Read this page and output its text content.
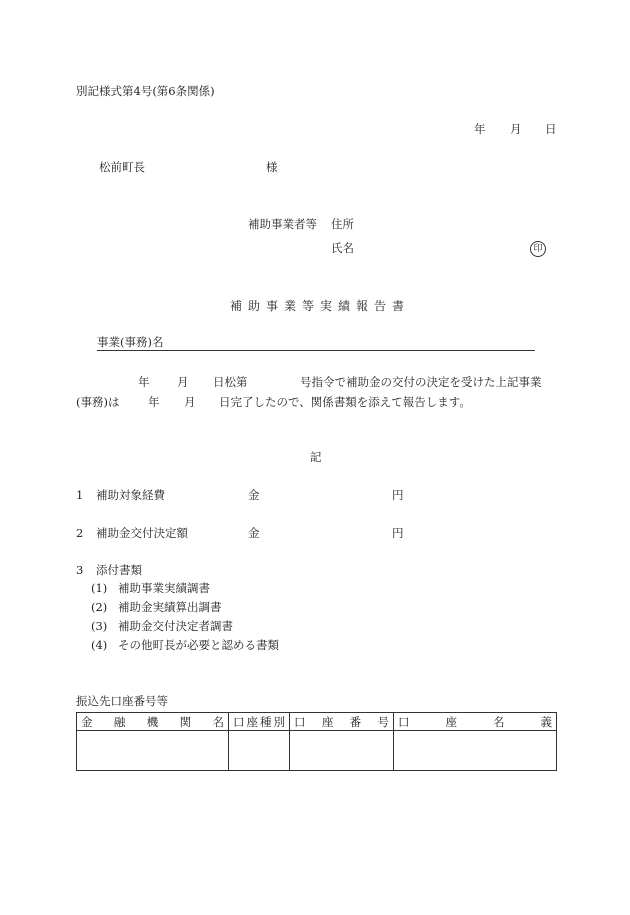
別記様式第4号(第6条関係)
年 月 日
松前町長	様
補助事業者等 住所
氏名	印
補助事業等実績報告書
事業(事務)名
年 月 日松第	号指令で補助金の交付の決定を受けた上記事業
(事務)は 年 月 日完了したので、関係書類を添えて報告します。
記
1 補助対象経費	金	円
2 補助金交付決定額	金	円
3 添付書類
(1) 補助事業実績調書
(2) 補助金実績算出調書
(3) 補助金交付決定者調書
(4) その他町長が必要と認める書類
振込先口座番号等
金 融 機 関 名	口 座 種 別	口 座 番 号	口 座 名 義
